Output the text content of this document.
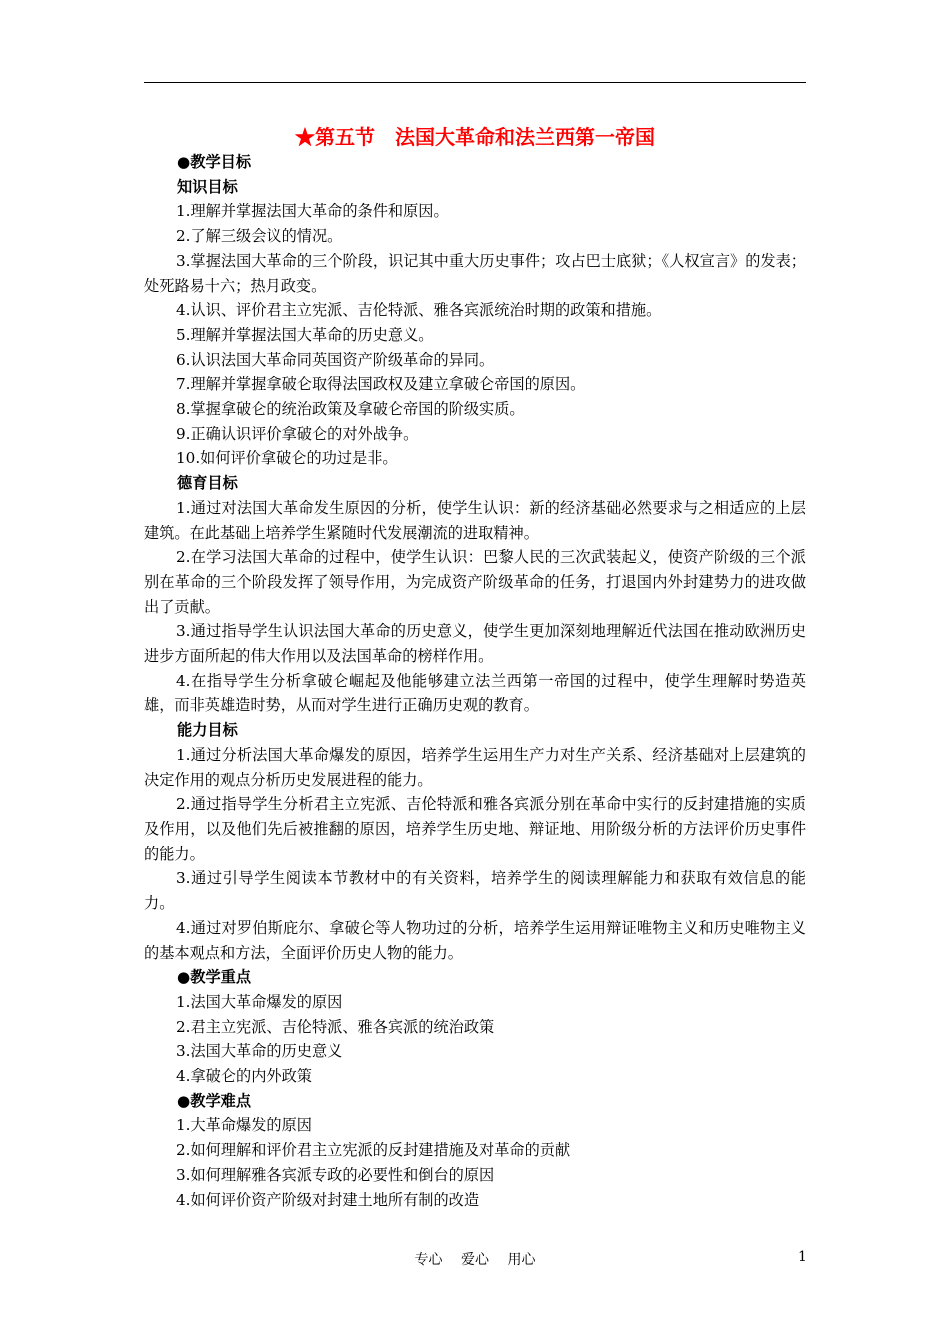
★第五节　法国大革命和法兰西第一帝国
●教学目标
知识目标

1.理解并掌握法国大革命的条件和原因。

2.了解三级会议的情况。

3.掌握法国大革命的三个阶段，识记其中重大历史事件；攻占巴士底狱；《人权宣言》的发表；处死路易十六；热月政变。

4.认识、评价君主立宪派、吉伦特派、雅各宾派统治时期的政策和措施。

5.理解并掌握法国大革命的历史意义。

6.认识法国大革命同英国资产阶级革命的异同。

7.理解并掌握拿破仑取得法国政权及建立拿破仑帝国的原因。

8.掌握拿破仑的统治政策及拿破仑帝国的阶级实质。

9.正确认识评价拿破仑的对外战争。

10.如何评价拿破仑的功过是非。

德育目标

1.通过对法国大革命发生原因的分析，使学生认识：新的经济基础必然要求与之相适应的上层建筑。在此基础上培养学生紧随时代发展潮流的进取精神。

2.在学习法国大革命的过程中，使学生认识：巴黎人民的三次武装起义，使资产阶级的三个派别在革命的三个阶段发挥了领导作用，为完成资产阶级革命的任务，打退国内外封建势力的进攻做出了贡献。

3.通过指导学生认识法国大革命的历史意义，使学生更加深刻地理解近代法国在推动欧洲历史进步方面所起的伟大作用以及法国革命的榜样作用。

4.在指导学生分析拿破仑崛起及他能够建立法兰西第一帝国的过程中，使学生理解时势造英雄，而非英雄造时势，从而对学生进行正确历史观的教育。

能力目标

1.通过分析法国大革命爆发的原因，培养学生运用生产力对生产关系、经济基础对上层建筑的决定作用的观点分析历史发展进程的能力。

2.通过指导学生分析君主立宪派、吉伦特派和雅各宾派分别在革命中实行的反封建措施的实质及作用，以及他们先后被推翻的原因，培养学生历史地、辩证地、用阶级分析的方法评价历史事件的能力。

3.通过引导学生阅读本节教材中的有关资料，培养学生的阅读理解能力和获取有效信息的能力。

4.通过对罗伯斯庇尔、拿破仑等人物功过的分析，培养学生运用辩证唯物主义和历史唯物主义的基本观点和方法，全面评价历史人物的能力。

●教学重点

1.法国大革命爆发的原因

2.君主立宪派、吉伦特派、雅各宾派的统治政策

3.法国大革命的历史意义

4.拿破仑的内外政策

●教学难点

1.大革命爆发的原因

2.如何理解和评价君主立宪派的反封建措施及对革命的贡献

3.如何理解雅各宾派专政的必要性和倒台的原因

4.如何评价资产阶级对封建土地所有制的改造

专心　 爱心　 用心	1
